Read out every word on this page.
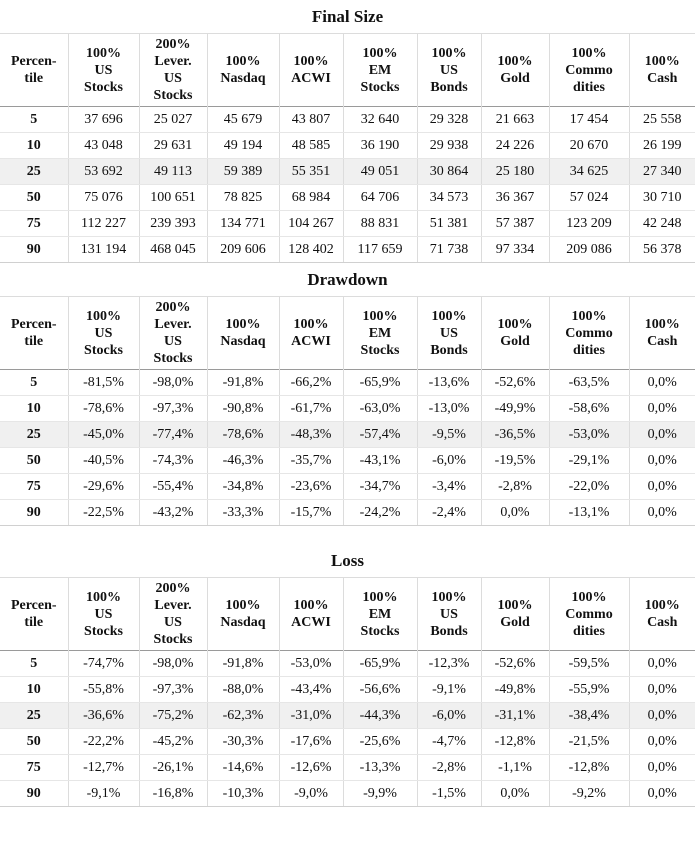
Final Size
Percen-
tile	100%
US
Stocks	200%
Lever.
US
Stocks	100%
Nasdaq	100%
ACWI	100%
EM
Stocks	100%
US
Bonds	100%
Gold	100%
Commo
dities	100%
Cash

5	37 696	25 027	45 679	43 807	32 640	29 328	21 663	17 454	25 558
10	43 048	29 631	49 194	48 585	36 190	29 938	24 226	20 670	26 199
25	53 692	49 113	59 389	55 351	49 051	30 864	25 180	34 625	27 340
50	75 076	100 651	78 825	68 984	64 706	34 573	36 367	57 024	30 710
75	112 227	239 393	134 771	104 267	88 831	51 381	57 387	123 209	42 248
90	131 194	468 045	209 606	128 402	117 659	71 738	97 334	209 086	56 378
Drawdown
Percen-
tile	100%
US
Stocks	200%
Lever.
US
Stocks	100%
Nasdaq	100%
ACWI	100%
EM
Stocks	100%
US
Bonds	100%
Gold	100%
Commo
dities	100%
Cash

5	-81,5%	-98,0%	-91,8%	-66,2%	-65,9%	-13,6%	-52,6%	-63,5%	0,0%
10	-78,6%	-97,3%	-90,8%	-61,7%	-63,0%	-13,0%	-49,9%	-58,6%	0,0%
25	-45,0%	-77,4%	-78,6%	-48,3%	-57,4%	-9,5%	-36,5%	-53,0%	0,0%
50	-40,5%	-74,3%	-46,3%	-35,7%	-43,1%	-6,0%	-19,5%	-29,1%	0,0%
75	-29,6%	-55,4%	-34,8%	-23,6%	-34,7%	-3,4%	-2,8%	-22,0%	0,0%
90	-22,5%	-43,2%	-33,3%	-15,7%	-24,2%	-2,4%	0,0%	-13,1%	0,0%
Loss
Percen-
tile	100%
US
Stocks	200%
Lever.
US
Stocks	100%
Nasdaq	100%
ACWI	100%
EM
Stocks	100%
US
Bonds	100%
Gold	100%
Commo
dities	100%
Cash

5	-74,7%	-98,0%	-91,8%	-53,0%	-65,9%	-12,3%	-52,6%	-59,5%	0,0%
10	-55,8%	-97,3%	-88,0%	-43,4%	-56,6%	-9,1%	-49,8%	-55,9%	0,0%
25	-36,6%	-75,2%	-62,3%	-31,0%	-44,3%	-6,0%	-31,1%	-38,4%	0,0%
50	-22,2%	-45,2%	-30,3%	-17,6%	-25,6%	-4,7%	-12,8%	-21,5%	0,0%
75	-12,7%	-26,1%	-14,6%	-12,6%	-13,3%	-2,8%	-1,1%	-12,8%	0,0%
90	-9,1%	-16,8%	-10,3%	-9,0%	-9,9%	-1,5%	0,0%	-9,2%	0,0%
